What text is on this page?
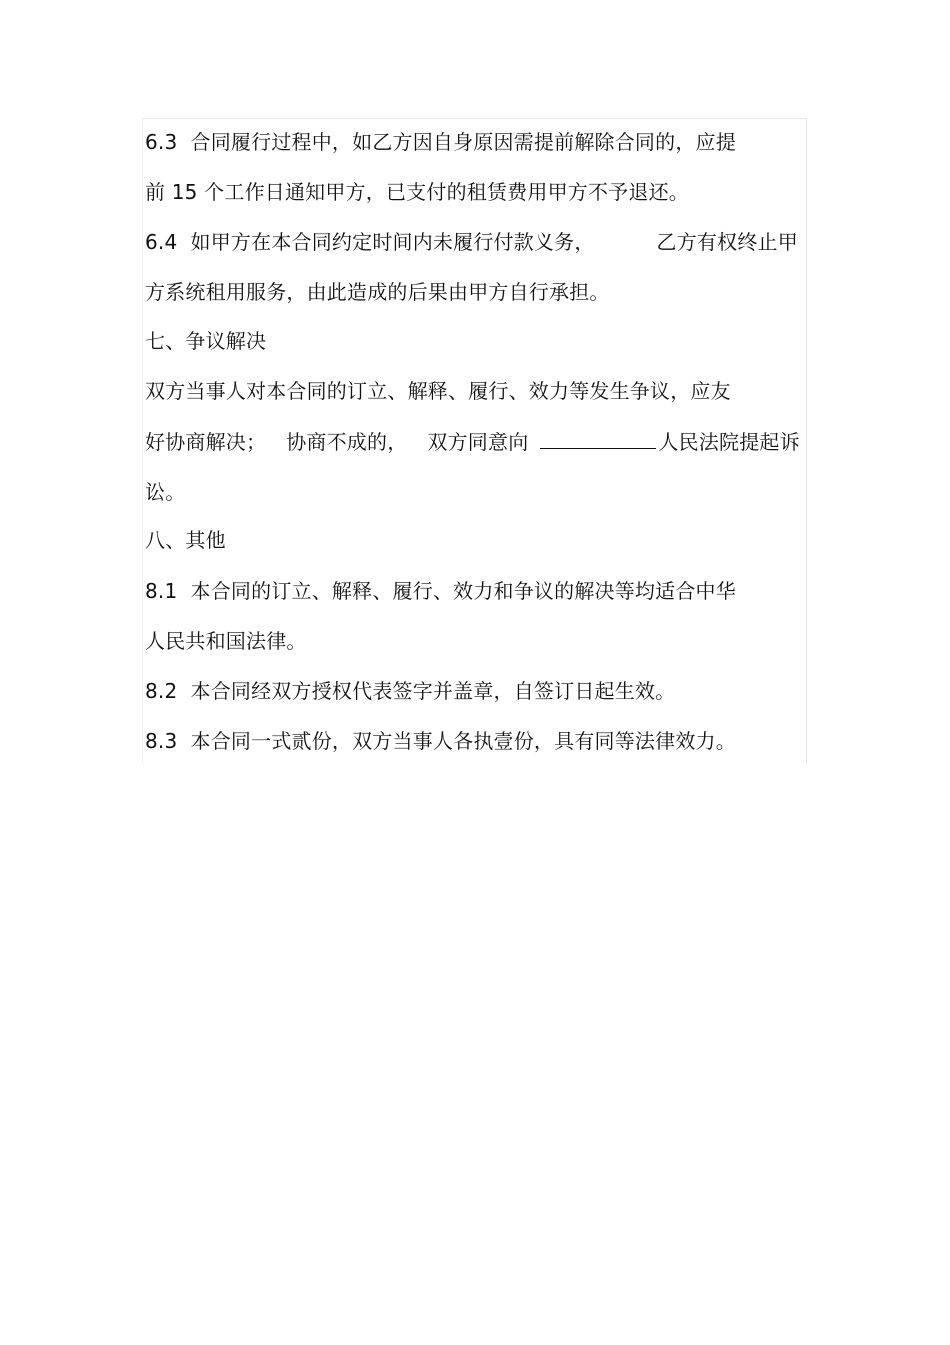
6.3  合同履行过程中，如乙方因自身原因需提前解除合同的，应提
前 15 个工作日通知甲方，已支付的租赁费用甲方不予退还。
6.4  如甲方在本合同约定时间内未履行付款义务，	乙方有权终止甲
方系统租用服务，由此造成的后果由甲方自行承担。
七、争议解决
双方当事人对本合同的订立、解释、履行、效力等发生争议，应友
好协商解决； 协商不成的， 双方同意向	人民法院提起诉
讼。
八、其他
8.1  本合同的订立、解释、履行、效力和争议的解决等均适合中华
人民共和国法律。
8.2  本合同经双方授权代表签字并盖章，自签订日起生效。
8.3  本合同一式贰份，双方当事人各执壹份，具有同等法律效力。
